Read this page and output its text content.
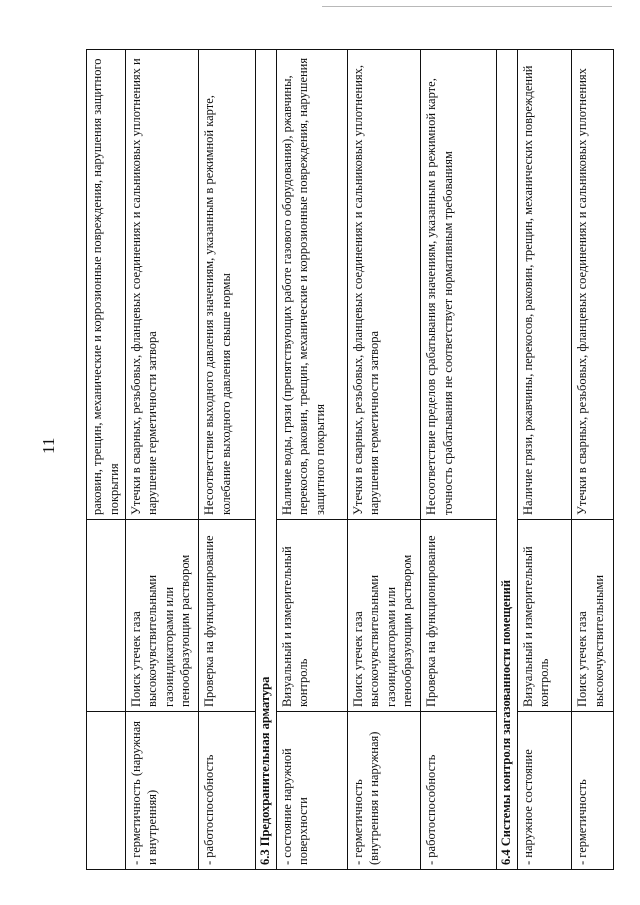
11
			раковин, трещин, механические и коррозионные повреждения, нарушения защитного покрытия
- герметичность (наружная и внутренняя)	Поиск утечек газа высокочувствительными газоиндикаторами или пенообразующим раствором	Утечки в сварных, резьбовых, фланцевых соединениях и сальниковых уплотнениях и нарушение герметичности затвора
- работоспособность	Проверка на функционирование	Несоответствие выходного давления значениям, указанным в режимной карте, колебание выходного давления свыше нормы
6.3 Предохранительная арматура		
- состояние наружной поверхности	Визуальный и измерительный контроль	Наличие воды, грязи (препятствующих работе газового оборудования), ржавчины, перекосов, раковин, трещин, механические и коррозионные повреждения, нарушения защитного покрытия
- герметичность (внутренняя и наружная)	Поиск утечек газа высокочувствительными газоиндикаторами или пенообразующим раствором	Утечки в сварных, резьбовых, фланцевых соединениях и сальниковых уплотнениях, нарушения герметичности затвора
- работоспособность	Проверка на функционирование	Несоответствие пределов срабатывания значениям, указанным в режимной карте, точность срабатывания не соответствует нормативным требованиям
6.4 Системы контроля загазованности помещений		
- наружное состояние	Визуальный и измерительный контроль	Наличие грязи, ржавчины, перекосов, раковин, трещин, механических повреждений
- герметичность	Поиск утечек газа высокочувствительными	Утечки в сварных, резьбовых, фланцевых соединениях и сальниковых уплотнениях
